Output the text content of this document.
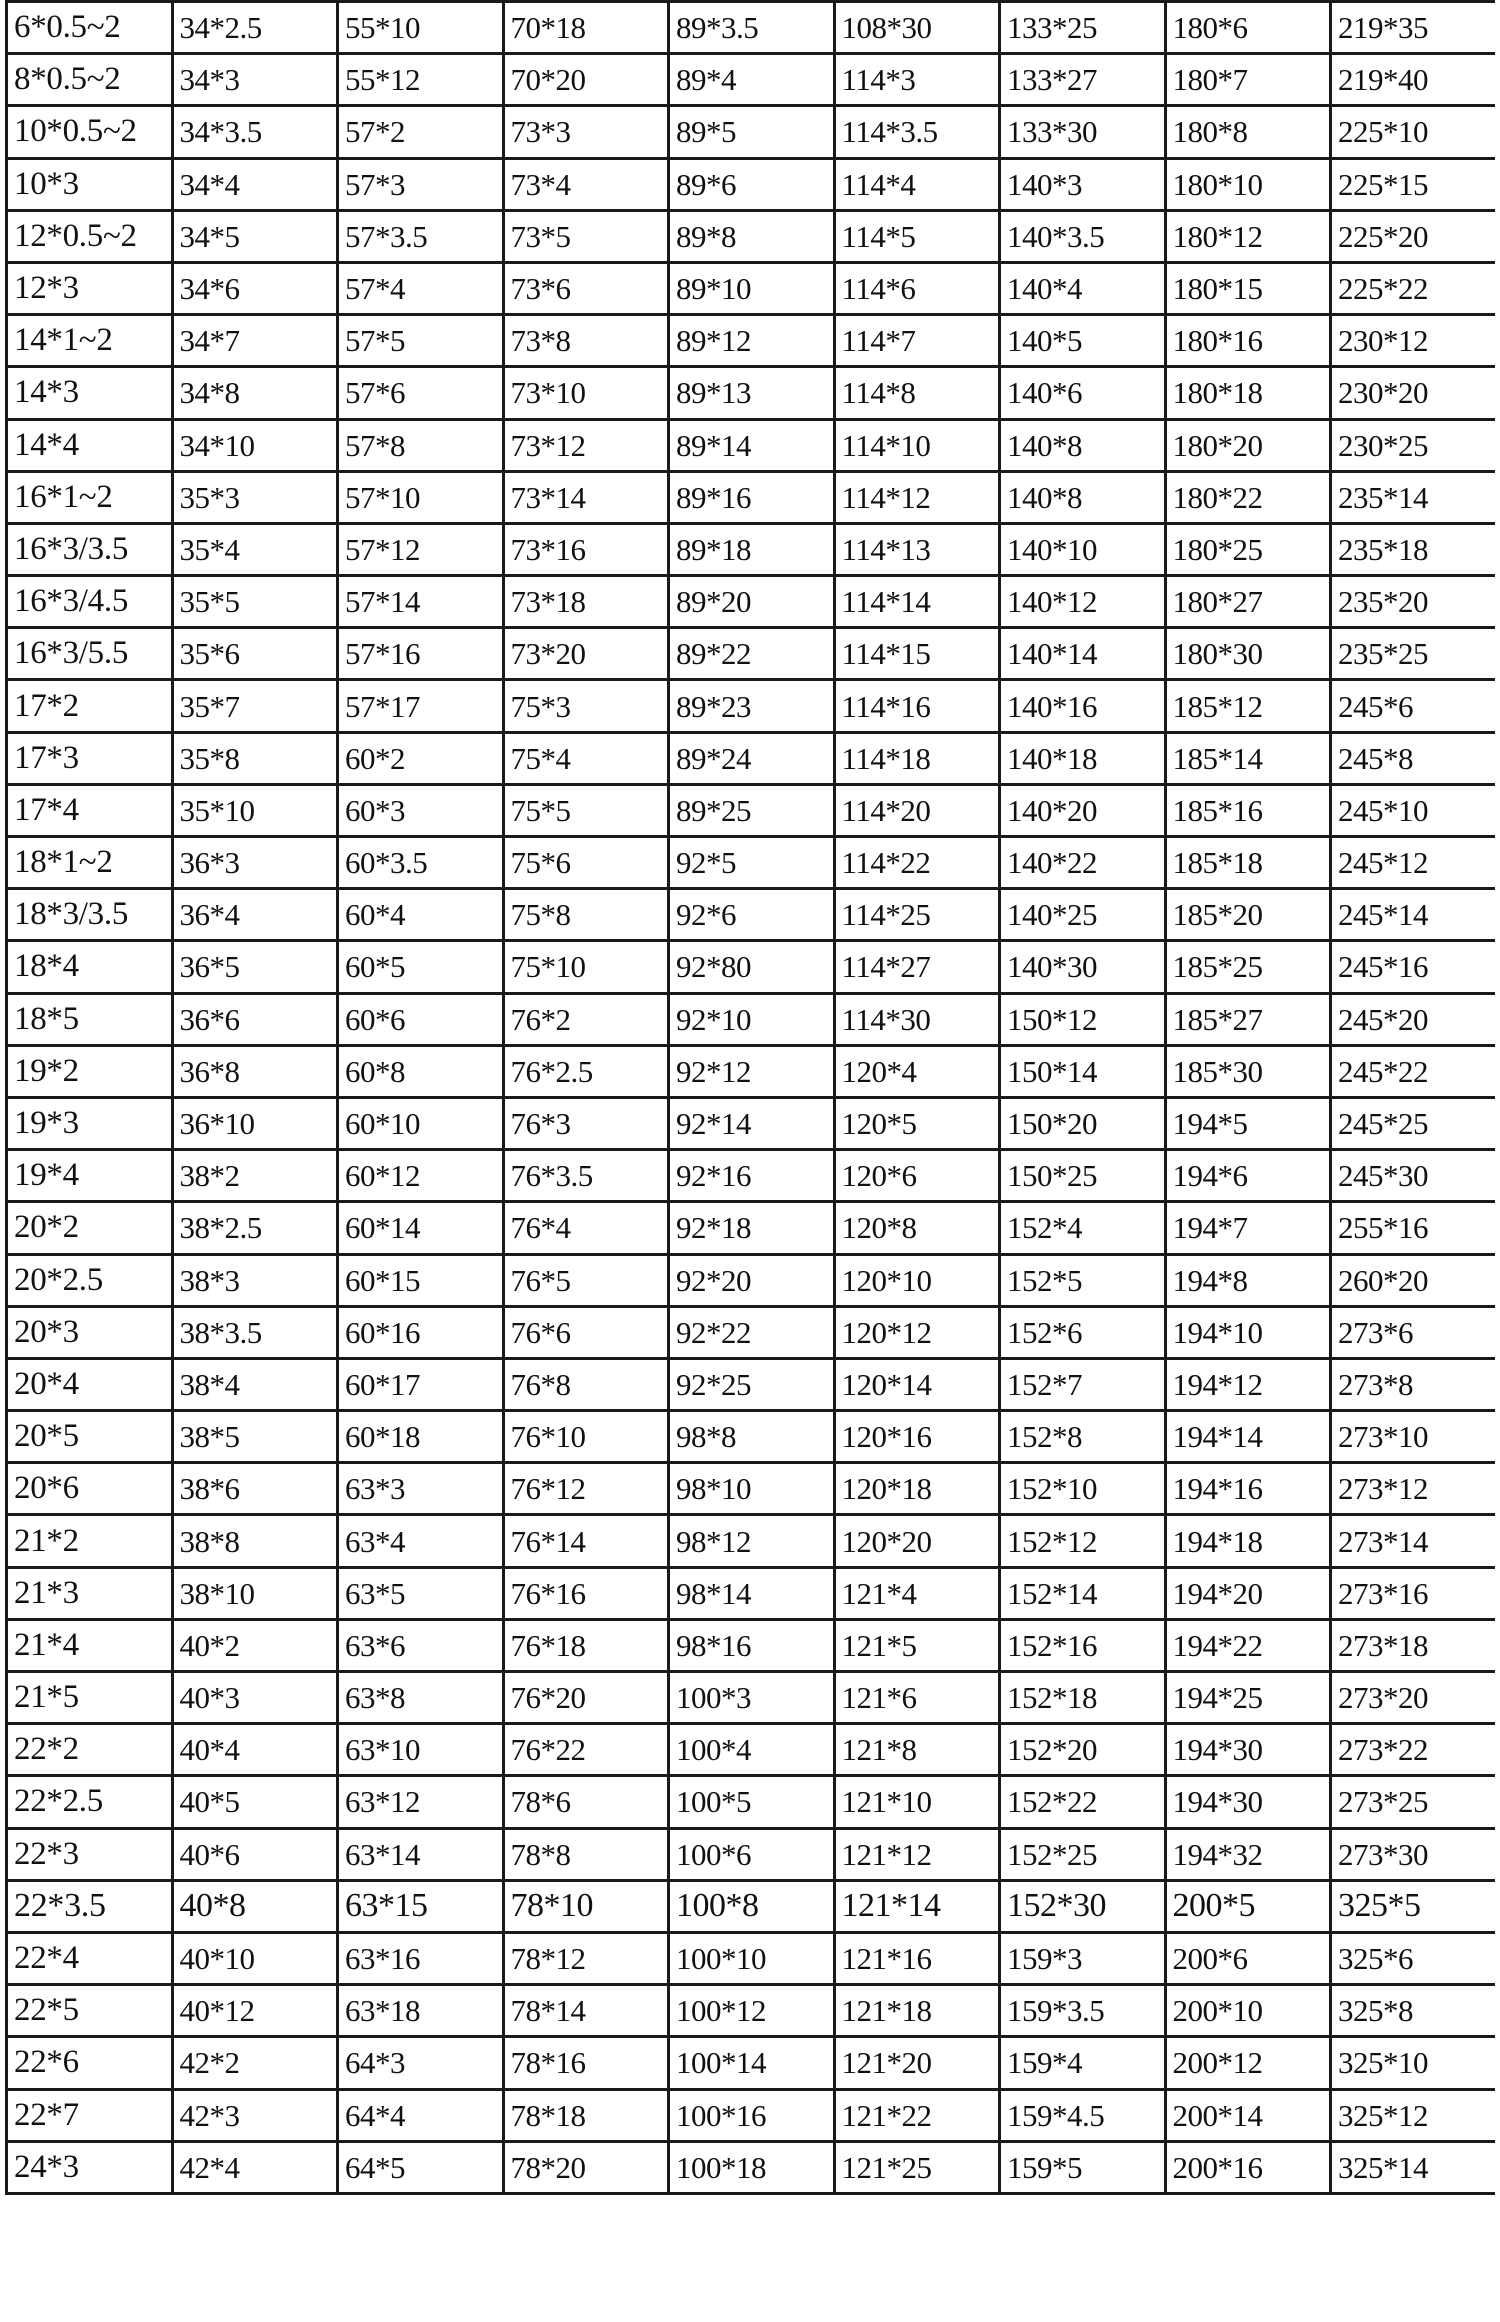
6*0.5~2	34*2.5	55*10	70*18	89*3.5	108*30	133*25	180*6	219*35
8*0.5~2	34*3	55*12	70*20	89*4	114*3	133*27	180*7	219*40
10*0.5~2	34*3.5	57*2	73*3	89*5	114*3.5	133*30	180*8	225*10
10*3	34*4	57*3	73*4	89*6	114*4	140*3	180*10	225*15
12*0.5~2	34*5	57*3.5	73*5	89*8	114*5	140*3.5	180*12	225*20
12*3	34*6	57*4	73*6	89*10	114*6	140*4	180*15	225*22
14*1~2	34*7	57*5	73*8	89*12	114*7	140*5	180*16	230*12
14*3	34*8	57*6	73*10	89*13	114*8	140*6	180*18	230*20
14*4	34*10	57*8	73*12	89*14	114*10	140*8	180*20	230*25
16*1~2	35*3	57*10	73*14	89*16	114*12	140*8	180*22	235*14
16*3/3.5	35*4	57*12	73*16	89*18	114*13	140*10	180*25	235*18
16*3/4.5	35*5	57*14	73*18	89*20	114*14	140*12	180*27	235*20
16*3/5.5	35*6	57*16	73*20	89*22	114*15	140*14	180*30	235*25
17*2	35*7	57*17	75*3	89*23	114*16	140*16	185*12	245*6
17*3	35*8	60*2	75*4	89*24	114*18	140*18	185*14	245*8
17*4	35*10	60*3	75*5	89*25	114*20	140*20	185*16	245*10
18*1~2	36*3	60*3.5	75*6	92*5	114*22	140*22	185*18	245*12
18*3/3.5	36*4	60*4	75*8	92*6	114*25	140*25	185*20	245*14
18*4	36*5	60*5	75*10	92*80	114*27	140*30	185*25	245*16
18*5	36*6	60*6	76*2	92*10	114*30	150*12	185*27	245*20
19*2	36*8	60*8	76*2.5	92*12	120*4	150*14	185*30	245*22
19*3	36*10	60*10	76*3	92*14	120*5	150*20	194*5	245*25
19*4	38*2	60*12	76*3.5	92*16	120*6	150*25	194*6	245*30
20*2	38*2.5	60*14	76*4	92*18	120*8	152*4	194*7	255*16
20*2.5	38*3	60*15	76*5	92*20	120*10	152*5	194*8	260*20
20*3	38*3.5	60*16	76*6	92*22	120*12	152*6	194*10	273*6
20*4	38*4	60*17	76*8	92*25	120*14	152*7	194*12	273*8
20*5	38*5	60*18	76*10	98*8	120*16	152*8	194*14	273*10
20*6	38*6	63*3	76*12	98*10	120*18	152*10	194*16	273*12
21*2	38*8	63*4	76*14	98*12	120*20	152*12	194*18	273*14
21*3	38*10	63*5	76*16	98*14	121*4	152*14	194*20	273*16
21*4	40*2	63*6	76*18	98*16	121*5	152*16	194*22	273*18
21*5	40*3	63*8	76*20	100*3	121*6	152*18	194*25	273*20
22*2	40*4	63*10	76*22	100*4	121*8	152*20	194*30	273*22
22*2.5	40*5	63*12	78*6	100*5	121*10	152*22	194*30	273*25
22*3	40*6	63*14	78*8	100*6	121*12	152*25	194*32	273*30
22*3.5	40*8	63*15	78*10	100*8	121*14	152*30	200*5	325*5
22*4	40*10	63*16	78*12	100*10	121*16	159*3	200*6	325*6
22*5	40*12	63*18	78*14	100*12	121*18	159*3.5	200*10	325*8
22*6	42*2	64*3	78*16	100*14	121*20	159*4	200*12	325*10
22*7	42*3	64*4	78*18	100*16	121*22	159*4.5	200*14	325*12
24*3	42*4	64*5	78*20	100*18	121*25	159*5	200*16	325*14
